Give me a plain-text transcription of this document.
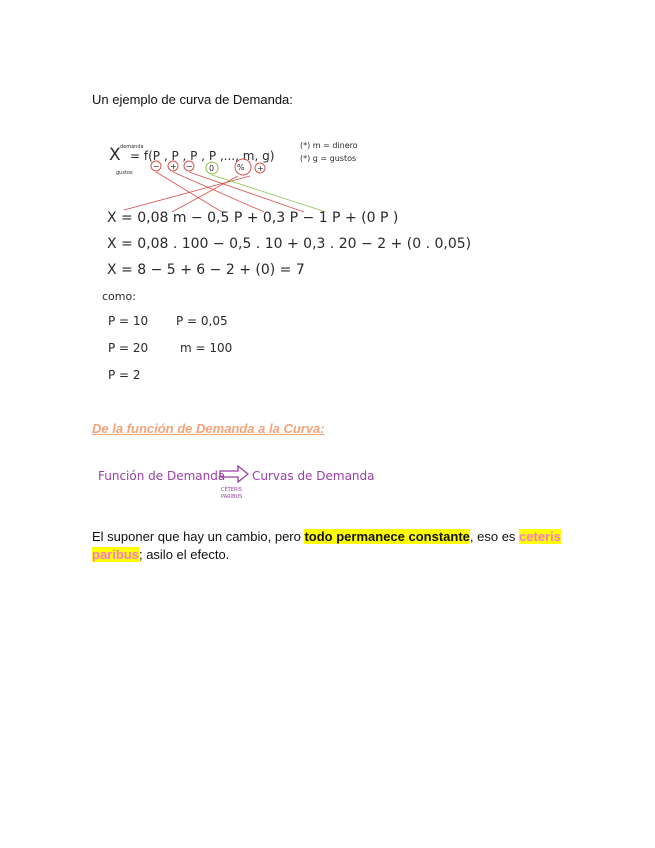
Un ejemplo de curva de Demanda:
X demanda
gustos
= f(P , P , P , P ,..., m, g)
− + − 0	% +
(*) m = dinero
(*) g = gustos
X = 0,08 m − 0,5 P + 0,3 P − 1 P + (0 P )
X = 0,08 . 100 − 0,5 . 10 + 0,3 . 20 − 2 + (0 . 0,05)
X = 8 − 5 + 6 − 2 + (0) = 7
como:
P = 10
P = 20
P = 2
P = 0,05
m = 100
De la función de Demanda a la Curva:
Función de Demanda Curvas de Demanda
CETERIS
PARIBUS
El suponer que hay un cambio, pero todo permanece constante, eso es ceteris paribus; asilo el efecto.
